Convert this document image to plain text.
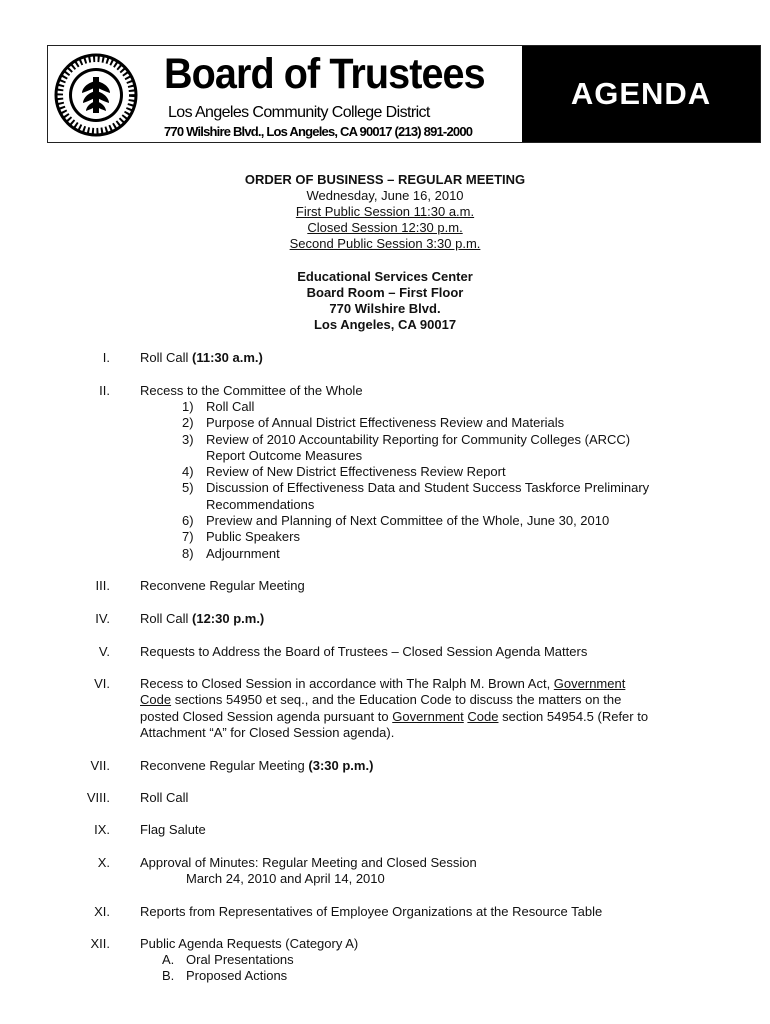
Board of Trustees
Los Angeles Community College District
770 Wilshire Blvd., Los Angeles, CA 90017 (213) 891-2000
AGENDA
ORDER OF BUSINESS – REGULAR MEETING
Wednesday, June 16, 2010
First Public Session 11:30 a.m.
Closed Session 12:30 p.m.
Second Public Session 3:30 p.m.
Educational Services Center
Board Room – First Floor
770 Wilshire Blvd.
Los Angeles, CA 90017
I. Roll Call (11:30 a.m.)
II. Recess to the Committee of the Whole
1) Roll Call
2) Purpose of Annual District Effectiveness Review and Materials
3) Review of 2010 Accountability Reporting for Community Colleges (ARCC)
Report Outcome Measures
4) Review of New District Effectiveness Review Report
5) Discussion of Effectiveness Data and Student Success Taskforce Preliminary
Recommendations
6) Preview and Planning of Next Committee of the Whole, June 30, 2010
7) Public Speakers
8) Adjournment
III. Reconvene Regular Meeting
IV. Roll Call (12:30 p.m.)
V. Requests to Address the Board of Trustees – Closed Session Agenda Matters
VI. Recess to Closed Session in accordance with The Ralph M. Brown Act, Government
Code sections 54950 et seq., and the Education Code to discuss the matters on the
posted Closed Session agenda pursuant to Government Code section 54954.5 (Refer to
Attachment “A” for Closed Session agenda).
VII. Reconvene Regular Meeting (3:30 p.m.)
VIII. Roll Call
IX. Flag Salute
X. Approval of Minutes: Regular Meeting and Closed Session
March 24, 2010 and April 14, 2010
XI. Reports from Representatives of Employee Organizations at the Resource Table
XII. Public Agenda Requests (Category A)
A. Oral Presentations
B. Proposed Actions
